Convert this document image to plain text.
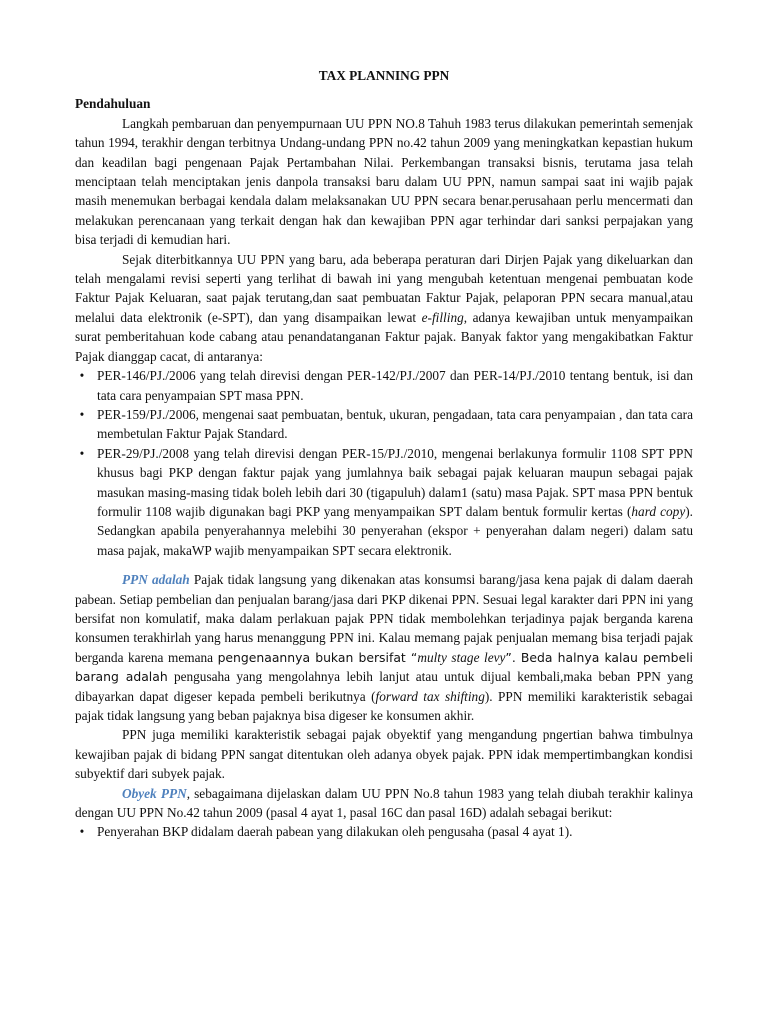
TAX PLANNING PPN
Pendahuluan

Langkah pembaruan dan penyempurnaan UU PPN NO.8 Tahuh 1983 terus dilakukan pemerintah semenjak tahun 1994, terakhir dengan terbitnya Undang-undang PPN no.42 tahun 2009 yang meningkatkan kepastian hukum dan keadilan bagi pengenaan Pajak Pertambahan Nilai. Perkembangan transaksi bisnis, terutama jasa telah menciptaan telah menciptakan jenis danpola transaksi baru dalam UU PPN, namun sampai saat ini wajib pajak masih menemukan berbagai kendala dalam melaksanakan UU PPN secara benar.perusahaan perlu mencermati dan melakukan perencanaan yang terkait dengan hak dan kewajiban PPN agar terhindar dari sanksi perpajakan yang bisa terjadi di kemudian hari.

Sejak diterbitkannya UU PPN yang baru, ada beberapa peraturan dari Dirjen Pajak yang dikeluarkan dan telah mengalami revisi seperti yang terlihat di bawah ini yang mengubah ketentuan mengenai pembuatan kode Faktur Pajak Keluaran, saat pajak terutang,dan saat pembuatan Faktur Pajak, pelaporan PPN secara manual,atau melalui data elektronik (e-SPT), dan yang disampaikan lewat e-filling, adanya kewajiban untuk menyampaikan surat pemberitahuan kode cabang atau penandatanganan Faktur pajak. Banyak faktor yang mengakibatkan Faktur Pajak dianggap cacat, di antaranya:

• PER-146/PJ./2006 yang telah direvisi dengan PER-142/PJ./2007 dan PER-14/PJ./2010 tentang bentuk, isi dan tata cara penyampaian SPT masa PPN.
• PER-159/PJ./2006, mengenai saat pembuatan, bentuk, ukuran, pengadaan, tata cara penyampaian , dan tata cara membetulan Faktur Pajak Standard.
• PER-29/PJ./2008 yang telah direvisi dengan PER-15/PJ./2010, mengenai berlakunya formulir 1108 SPT PPN khusus bagi PKP dengan faktur pajak yang jumlahnya baik sebagai pajak keluaran maupun sebagai pajak masukan masing-masing tidak boleh lebih dari 30 (tigapuluh) dalam1 (satu) masa Pajak. SPT masa PPN bentuk formulir 1108 wajib digunakan bagi PKP yang menyampaikan SPT dalam bentuk formulir kertas (hard copy). Sedangkan apabila penyerahannya melebihi 30 penyerahan (ekspor + penyerahan dalam negeri) dalam satu masa pajak, makaWP wajib menyampaikan SPT secara elektronik.

PPN adalah Pajak tidak langsung yang dikenakan atas konsumsi barang/jasa kena pajak di dalam daerah pabean. Setiap pembelian dan penjualan barang/jasa dari PKP dikenai PPN. Sesuai legal karakter dari PPN ini yang bersifat non komulatif, maka dalam perlakuan pajak PPN tidak membolehkan terjadinya pajak berganda karena konsumen terakhirlah yang harus menanggung PPN ini. Kalau memang pajak penjualan memang bisa terjadi pajak berganda karena memana pengenaannya bukan bersifat “multy stage levy”. Beda halnya kalau pembeli barang adalah pengusaha yang mengolahnya lebih lanjut atau untuk dijual kembali,maka beban PPN yang dibayarkan dapat digeser kepada pembeli berikutnya (forward tax shifting). PPN memiliki karakteristik sebagai pajak tidak langsung yang beban pajaknya bisa digeser ke konsumen akhir.

PPN juga memiliki karakteristik sebagai pajak obyektif yang mengandung pngertian bahwa timbulnya kewajiban pajak di bidang PPN sangat ditentukan oleh adanya obyek pajak. PPN idak mempertimbangkan kondisi subyektif dari subyek pajak.

Obyek PPN, sebagaimana dijelaskan dalam UU PPN No.8 tahun 1983 yang telah diubah terakhir kalinya dengan UU PPN No.42 tahun 2009 (pasal 4 ayat 1, pasal 16C dan pasal 16D) adalah sebagai berikut:

• Penyerahan BKP didalam daerah pabean yang dilakukan oleh pengusaha (pasal 4 ayat 1).
